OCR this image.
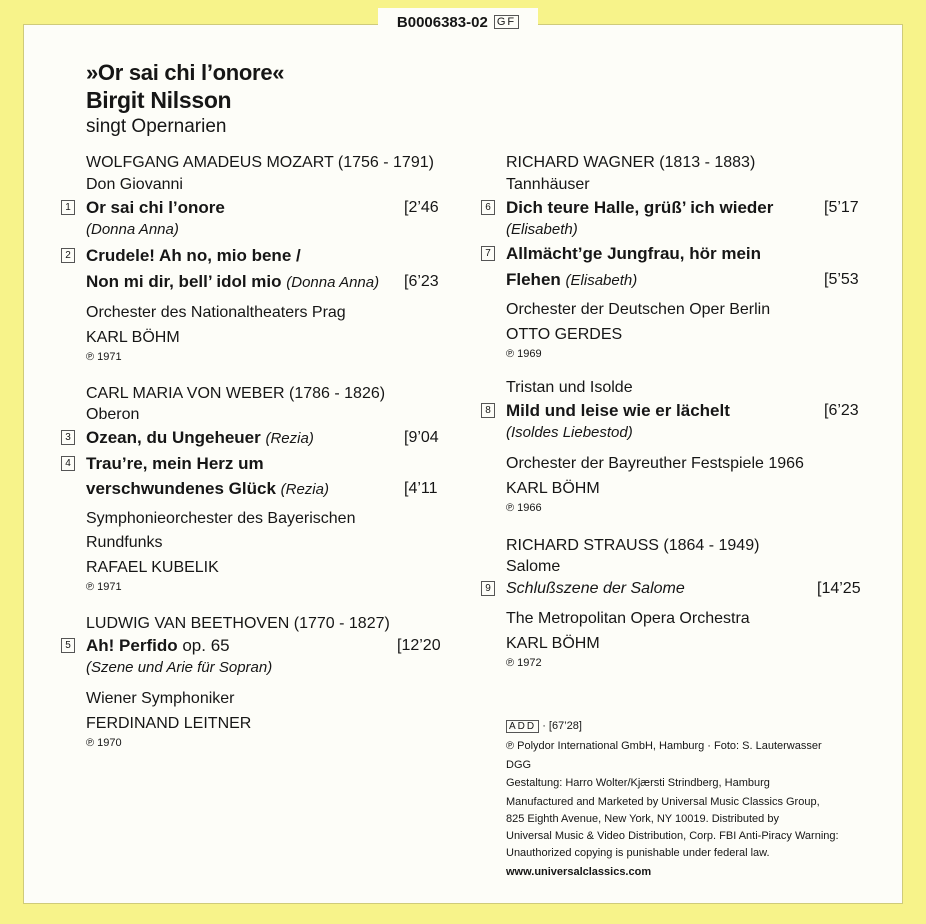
B0006383-02 GF
»Or sai chi l’onore«
Birgit Nilsson
singt Opernarien
WOLFGANG AMADEUS MOZART (1756 - 1791)
Don Giovanni
1 Or sai chi l’onore	[2’46
(Donna Anna)
2 Crudele! Ah no, mio bene /
Non mi dir, bell’ idol mio (Donna Anna) [6’23
Orchester des Nationaltheaters Prag
KARL BÖHM
℗ 1971
CARL MARIA VON WEBER (1786 - 1826)
Oberon
3 Ozean, du Ungeheuer (Rezia)	[9’04
4 Trau’re, mein Herz um
verschwundenes Glück (Rezia)	[4’11
Symphonieorchester des Bayerischen
Rundfunks
RAFAEL KUBELIK
℗ 1971
LUDWIG VAN BEETHOVEN (1770 - 1827)
5 Ah! Perfido op. 65	[12’20
(Szene und Arie für Sopran)
Wiener Symphoniker
FERDINAND LEITNER
℗ 1970
RICHARD WAGNER (1813 - 1883)
Tannhäuser
6 Dich teure Halle, grüß’ ich wieder	[5’17
(Elisabeth)
7 Allmächt’ge Jungfrau, hör mein
Flehen (Elisabeth)	[5’53
Orchester der Deutschen Oper Berlin
OTTO GERDES
℗ 1969
Tristan und Isolde
8 Mild und leise wie er lächelt	[6’23
(Isoldes Liebestod)
Orchester der Bayreuther Festspiele 1966
KARL BÖHM
℗ 1966
RICHARD STRAUSS (1864 - 1949)
Salome
9 Schlußszene der Salome	[14’25
The Metropolitan Opera Orchestra
KARL BÖHM
℗ 1972
ADD · [67’28]
℗ Polydor International GmbH, Hamburg · Foto: S. Lauterwasser
DGG
Gestaltung: Harro Wolter/Kjærsti Strindberg, Hamburg
Manufactured and Marketed by Universal Music Classics Group,
825 Eighth Avenue, New York, NY 10019. Distributed by
Universal Music & Video Distribution, Corp. FBI Anti-Piracy Warning:
Unauthorized copying is punishable under federal law.
www.universalclassics.com
